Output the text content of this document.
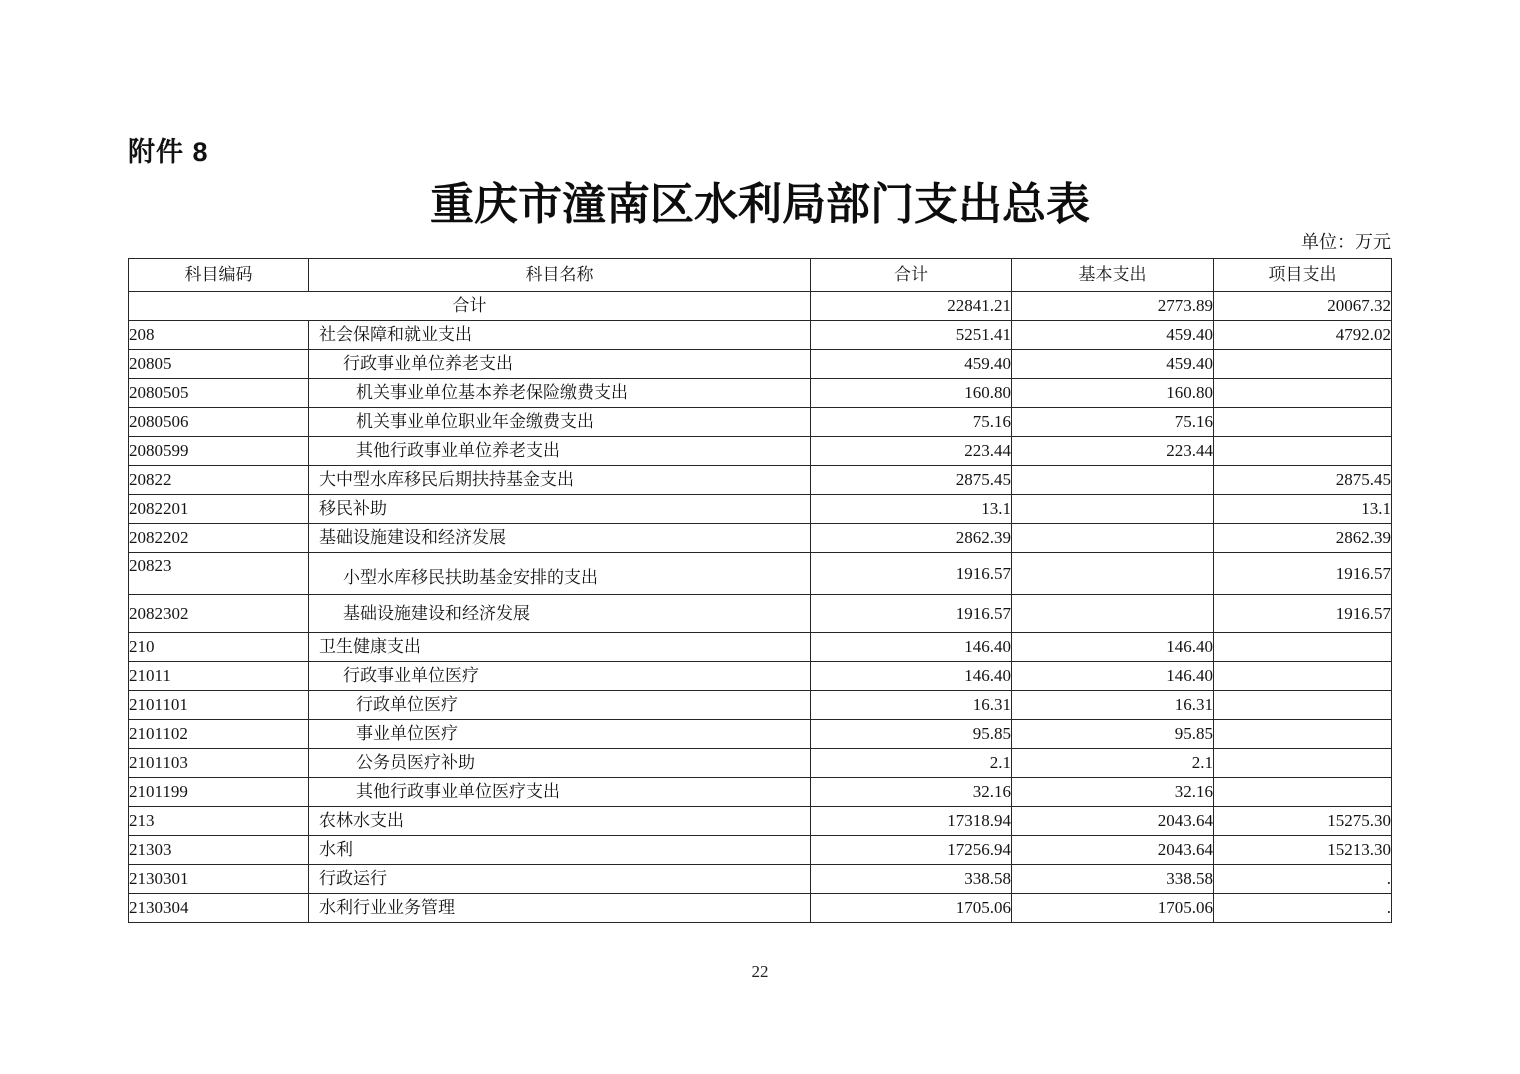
附件 8
重庆市潼南区水利局部门支出总表
单位：万元
科目编码	科目名称	合计	基本支出	项目支出
合计		22841.21	2773.89	20067.32
208	社会保障和就业支出	5251.41	459.40	4792.02
20805	行政事业单位养老支出	459.40	459.40	
2080505	机关事业单位基本养老保险缴费支出	160.80	160.80	
2080506	机关事业单位职业年金缴费支出	75.16	75.16	
2080599	其他行政事业单位养老支出	223.44	223.44	
20822	大中型水库移民后期扶持基金支出	2875.45		2875.45
2082201	移民补助	13.1		13.1
2082202	基础设施建设和经济发展	2862.39		2862.39
20823	小型水库移民扶助基金安排的支出	1916.57		1916.57
2082302	基础设施建设和经济发展	1916.57		1916.57
210	卫生健康支出	146.40	146.40	
21011	行政事业单位医疗	146.40	146.40	
2101101	行政单位医疗	16.31	16.31	
2101102	事业单位医疗	95.85	95.85	
2101103	公务员医疗补助	2.1	2.1	
2101199	其他行政事业单位医疗支出	32.16	32.16	
213	农林水支出	17318.94	2043.64	15275.30
21303	水利	17256.94	2043.64	15213.30
2130301	行政运行	338.58	338.58	.
2130304	水利行业业务管理	1705.06	1705.06	.
22
